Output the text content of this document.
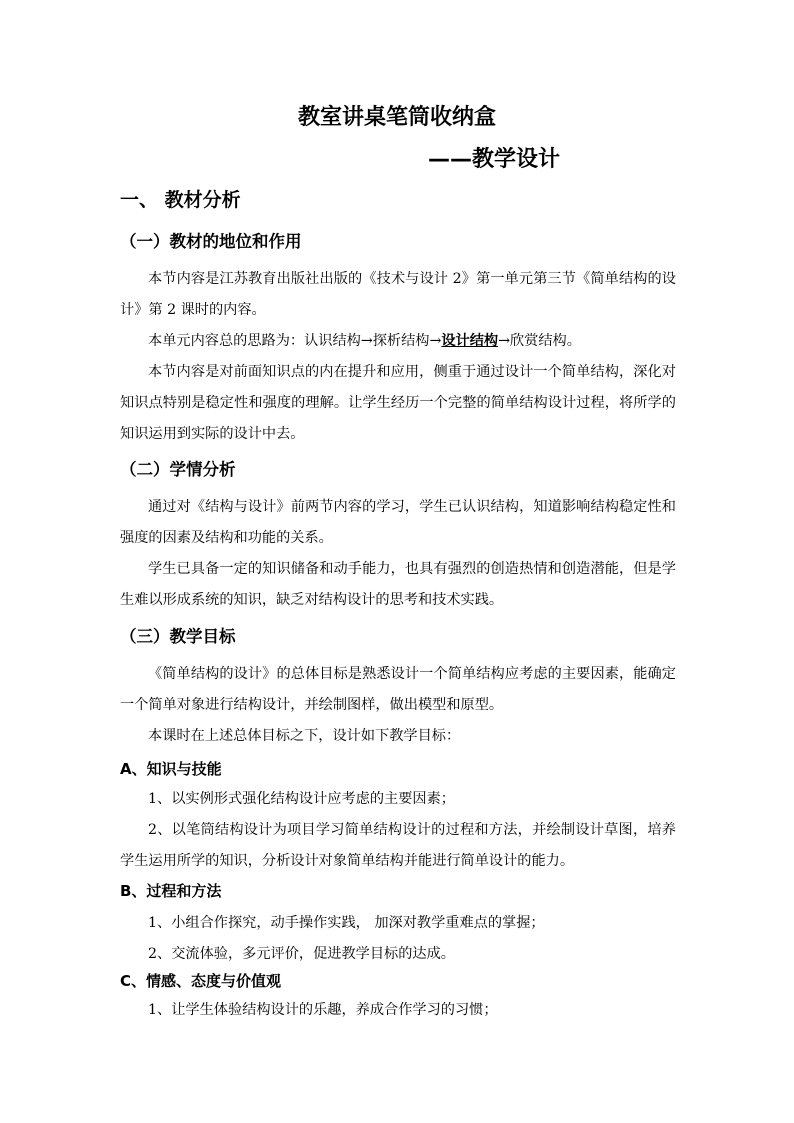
教室讲桌笔筒收纳盒
——教学设计
一、 教材分析
（一）教材的地位和作用
本节内容是江苏教育出版社出版的《技术与设计 2》第一单元第三节《简单结构的设计》第 2 课时的内容。
本单元内容总的思路为：认识结构→探析结构→设计结构→欣赏结构。
本节内容是对前面知识点的内在提升和应用，侧重于通过设计一个简单结构，深化对知识点特别是稳定性和强度的理解。让学生经历一个完整的简单结构设计过程，将所学的知识运用到实际的设计中去。
（二）学情分析
通过对《结构与设计》前两节内容的学习，学生已认识结构，知道影响结构稳定性和强度的因素及结构和功能的关系。
学生已具备一定的知识储备和动手能力，也具有强烈的创造热情和创造潜能，但是学生难以形成系统的知识，缺乏对结构设计的思考和技术实践。
（三）教学目标
《简单结构的设计》的总体目标是熟悉设计一个简单结构应考虑的主要因素，能确定一个简单对象进行结构设计，并绘制图样，做出模型和原型。
本课时在上述总体目标之下，设计如下教学目标：
A、知识与技能
1、以实例形式强化结构设计应考虑的主要因素；
2、以笔筒结构设计为项目学习简单结构设计的过程和方法，并绘制设计草图，培养学生运用所学的知识，分析设计对象简单结构并能进行简单设计的能力。
B、过程和方法
1、小组合作探究，动手操作实践， 加深对教学重难点的掌握；
2、交流体验，多元评价，促进教学目标的达成。
C、情感、态度与价值观
1、让学生体验结构设计的乐趣，养成合作学习的习惯；
